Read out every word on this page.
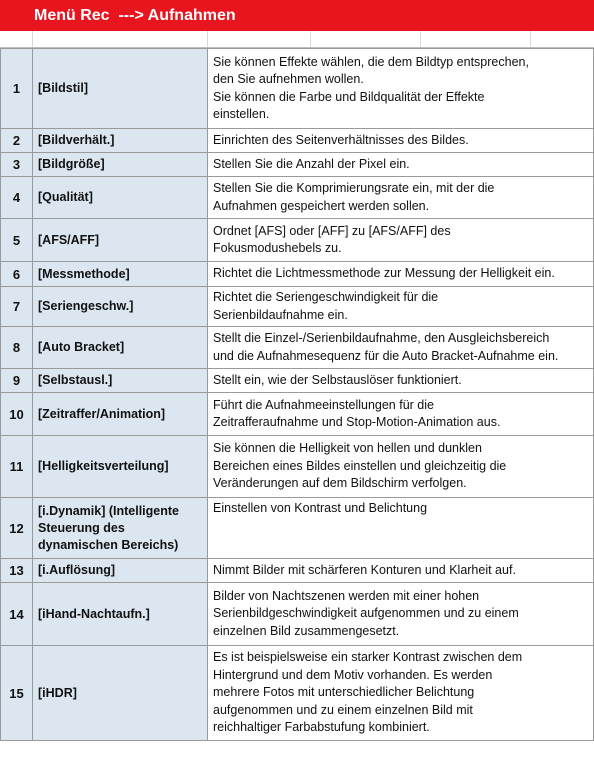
Menü Rec  ---> Aufnahmen
1	[Bildstil]	Sie können Effekte wählen, die dem Bildtyp entsprechen,
den Sie aufnehmen wollen.
Sie können die Farbe und Bildqualität der Effekte
einstellen.
2	[Bildverhält.]	Einrichten des Seitenverhältnisses des Bildes.
3	[Bildgröße]	Stellen Sie die Anzahl der Pixel ein.
4	[Qualität]	Stellen Sie die Komprimierungsrate ein, mit der die
Aufnahmen gespeichert werden sollen.
5	[AFS/AFF]	Ordnet [AFS] oder [AFF] zu [AFS/AFF] des
Fokusmodushebels zu.
6	[Messmethode]	Richtet die Lichtmessmethode zur Messung der Helligkeit ein.
7	[Seriengeschw.]	Richtet die Seriengeschwindigkeit für die
Serienbildaufnahme ein.
8	[Auto Bracket]	Stellt die Einzel-/Serienbildaufnahme, den Ausgleichsbereich
und die Aufnahmesequenz für die Auto Bracket-Aufnahme ein.
9	[Selbstausl.]	Stellt ein, wie der Selbstauslöser funktioniert.
10	[Zeitraffer/Animation]	Führt die Aufnahmeeinstellungen für die
Zeitrafferaufnahme und Stop-Motion-Animation aus.
11	[Helligkeitsverteilung]	Sie können die Helligkeit von hellen und dunklen
Bereichen eines Bildes einstellen und gleichzeitig die
Veränderungen auf dem Bildschirm verfolgen.
12	[i.Dynamik] (Intelligente Steuerung des dynamischen Bereichs)	Einstellen von Kontrast und Belichtung
13	[i.Auflösung]	Nimmt Bilder mit schärferen Konturen und Klarheit auf.
14	[iHand-Nachtaufn.]	Bilder von Nachtszenen werden mit einer hohen
Serienbildgeschwindigkeit aufgenommen und zu einem
einzelnen Bild zusammengesetzt.
15	[iHDR]	Es ist beispielsweise ein starker Kontrast zwischen dem
Hintergrund und dem Motiv vorhanden. Es werden
mehrere Fotos mit unterschiedlicher Belichtung
aufgenommen und zu einem einzelnen Bild mit
reichhaltiger Farbabstufung kombiniert.
